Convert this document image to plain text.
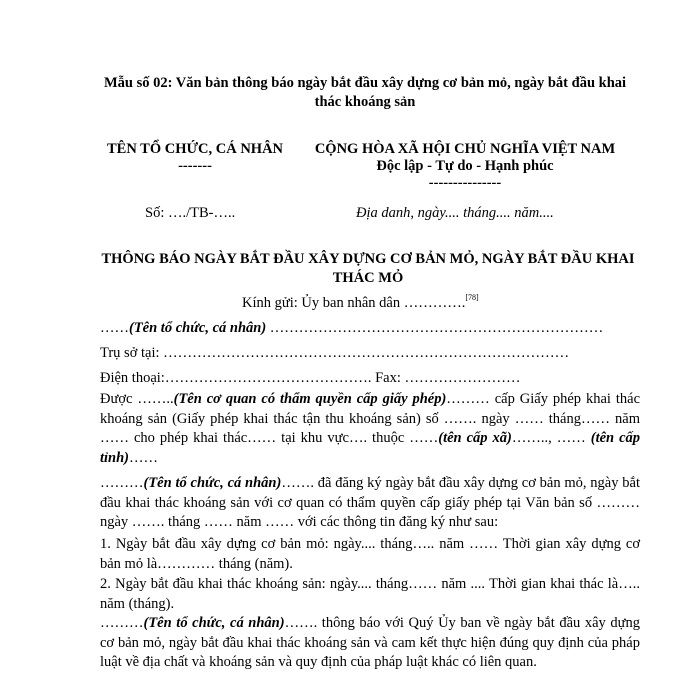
Mẫu số 02: Văn bản thông báo ngày bắt đầu xây dựng cơ bản mỏ, ngày bắt đầu khai thác khoáng sản
TÊN TỔ CHỨC, CÁ NHÂN
-------
CỘNG HÒA XÃ HỘI CHỦ NGHĨA VIỆT NAM
Độc lập - Tự do - Hạnh phúc
---------------
Số: …./TB-…..	Địa danh, ngày.... tháng.... năm....
THÔNG BÁO NGÀY BẮT ĐẦU XÂY DỰNG CƠ BẢN MỎ, NGÀY BẮT ĐẦU KHAI THÁC MỎ
Kính gửi: Ủy ban nhân dân ………….[78]
……(Tên tổ chức, cá nhân) ……………………………………………………………
Trụ sở tại: …………………………………………………………………………
Điện thoại:……………………………………. Fax: ……………………
Được ……..(Tên cơ quan có thẩm quyền cấp giấy phép)……… cấp Giấy phép khai thác khoáng sản (Giấy phép khai thác tận thu khoáng sản) số ……. ngày …… tháng…… năm …… cho phép khai thác…… tại khu vực…. thuộc ……(tên cấp xã)…….., …… (tên cấp tỉnh)……
………(Tên tổ chức, cá nhân)……. đã đăng ký ngày bắt đầu xây dựng cơ bản mỏ, ngày bắt đầu khai thác khoáng sản với cơ quan có thẩm quyền cấp giấy phép tại Văn bản số ……… ngày ……. tháng …… năm …… với các thông tin đăng ký như sau:
1. Ngày bắt đầu xây dựng cơ bản mỏ: ngày.... tháng….. năm …… Thời gian xây dựng cơ bản mỏ là………… tháng (năm).
2. Ngày bắt đầu khai thác khoáng sản: ngày.... tháng…… năm .... Thời gian khai thác là….. năm (tháng).
………(Tên tổ chức, cá nhân)……. thông báo với Quý Ủy ban về ngày bắt đầu xây dựng cơ bản mỏ, ngày bắt đầu khai thác khoáng sản và cam kết thực hiện đúng quy định của pháp luật về địa chất và khoáng sản và quy định của pháp luật khác có liên quan.
